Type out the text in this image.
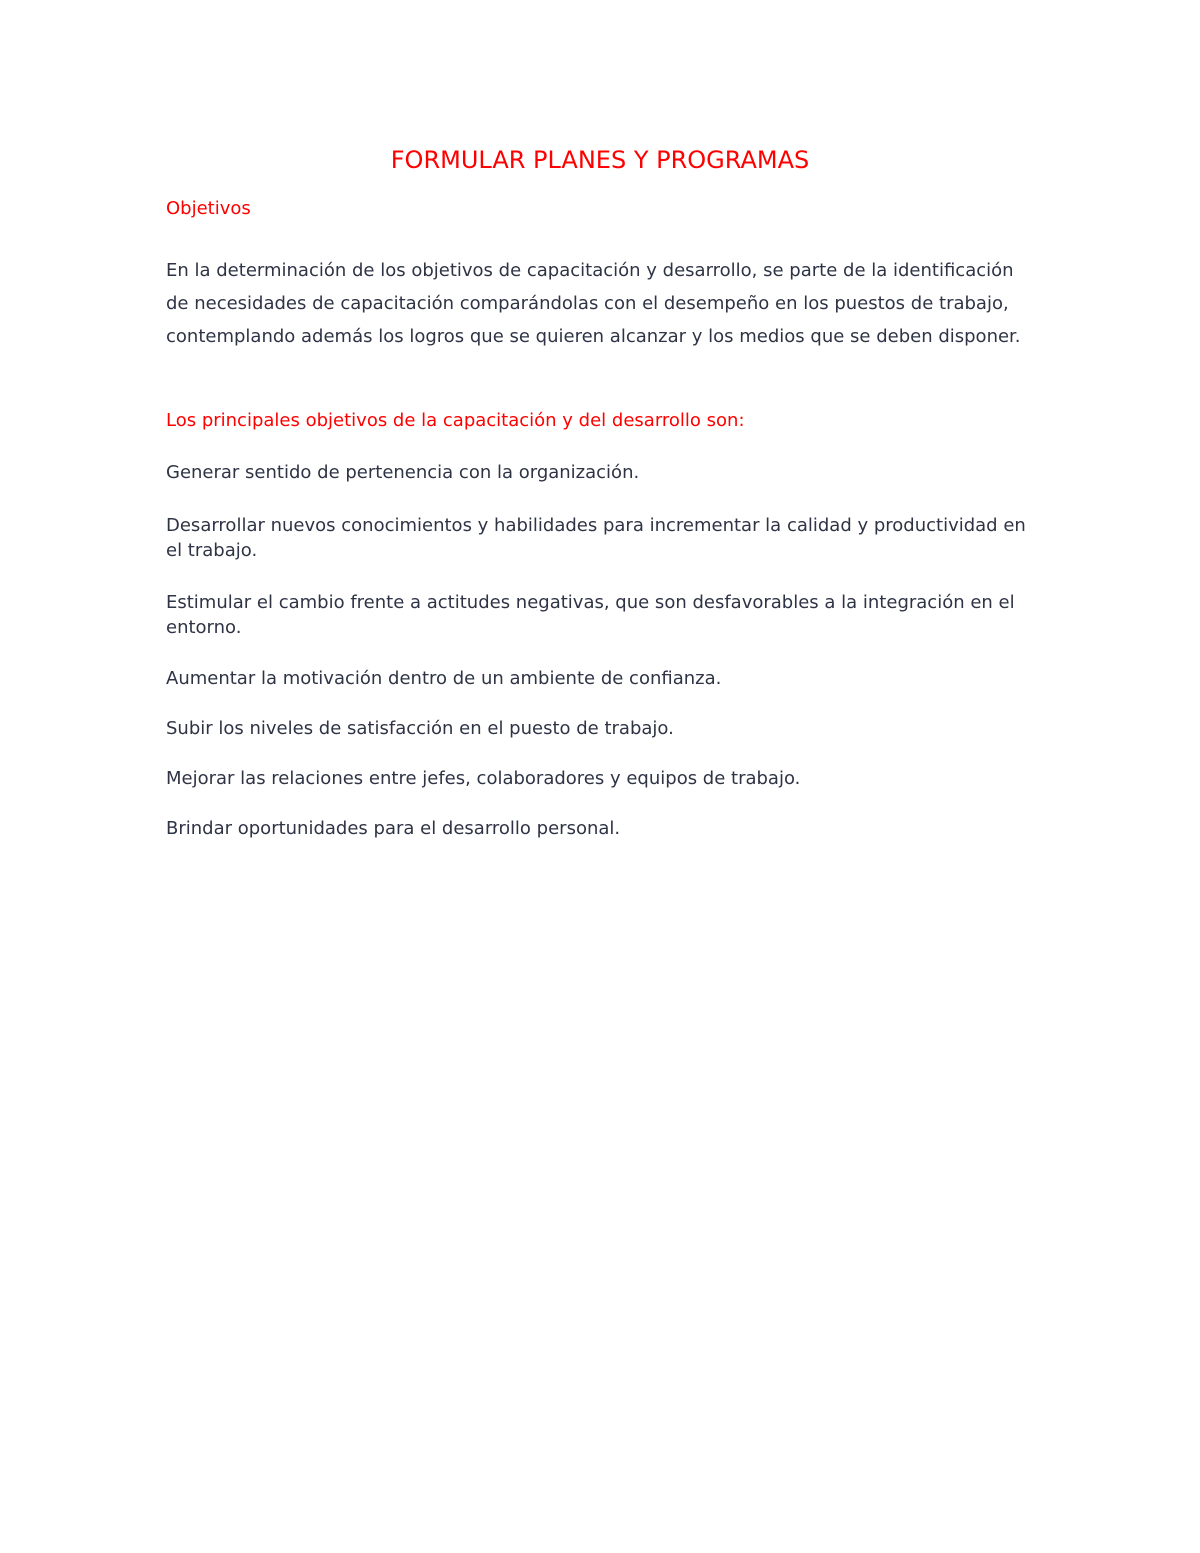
FORMULAR PLANES Y PROGRAMAS

Objetivos

En la determinación de los objetivos de capacitación y desarrollo, se parte de la identificación de necesidades de capacitación comparándolas con el desempeño en los puestos de trabajo, contemplando además los logros que se quieren alcanzar y los medios que se deben disponer.

Los principales objetivos de la capacitación y del desarrollo son:

Generar sentido de pertenencia con la organización.

Desarrollar nuevos conocimientos y habilidades para incrementar la calidad y productividad en el trabajo.

Estimular el cambio frente a actitudes negativas, que son desfavorables a la integración en el entorno.

Aumentar la motivación dentro de un ambiente de confianza.

Subir los niveles de satisfacción en el puesto de trabajo.

Mejorar las relaciones entre jefes, colaboradores y equipos de trabajo.

Brindar oportunidades para el desarrollo personal.
